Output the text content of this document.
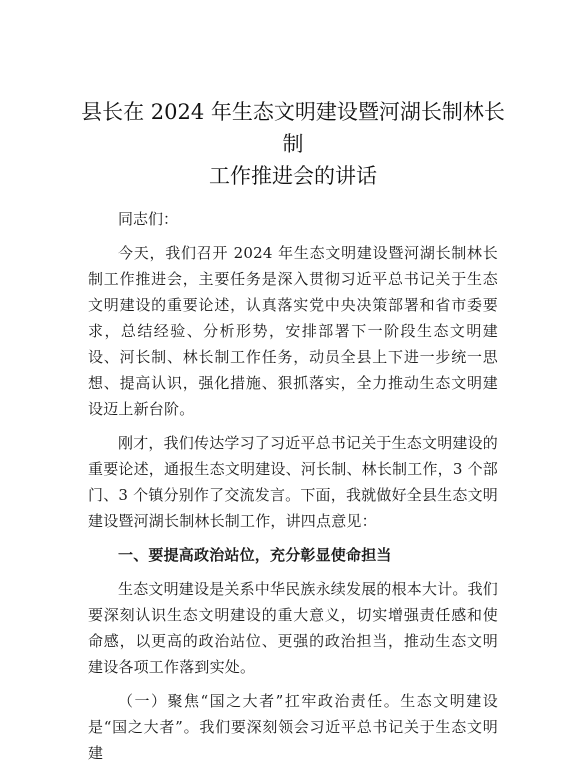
县长在 2024 年生态文明建设暨河湖长制林长制
工作推进会的讲话
同志们：

今天，我们召开 2024 年生态文明建设暨河湖长制林长制工作推进会，主要任务是深入贯彻习近平总书记关于生态文明建设的重要论述，认真落实党中央决策部署和省市委要求，总结经验、分析形势，安排部署下一阶段生态文明建设、河长制、林长制工作任务，动员全县上下进一步统一思想、提高认识，强化措施、狠抓落实，全力推动生态文明建设迈上新台阶。

刚才，我们传达学习了习近平总书记关于生态文明建设的重要论述，通报生态文明建设、河长制、林长制工作，3 个部门、3 个镇分别作了交流发言。下面，我就做好全县生态文明建设暨河湖长制林长制工作，讲四点意见：

一、要提高政治站位，充分彰显使命担当

生态文明建设是关系中华民族永续发展的根本大计。我们要深刻认识生态文明建设的重大意义，切实增强责任感和使命感，以更高的政治站位、更强的政治担当，推动生态文明建设各项工作落到实处。

（一）聚焦“国之大者”扛牢政治责任。生态文明建设是“国之大者”。我们要深刻领会习近平总书记关于生态文明建
